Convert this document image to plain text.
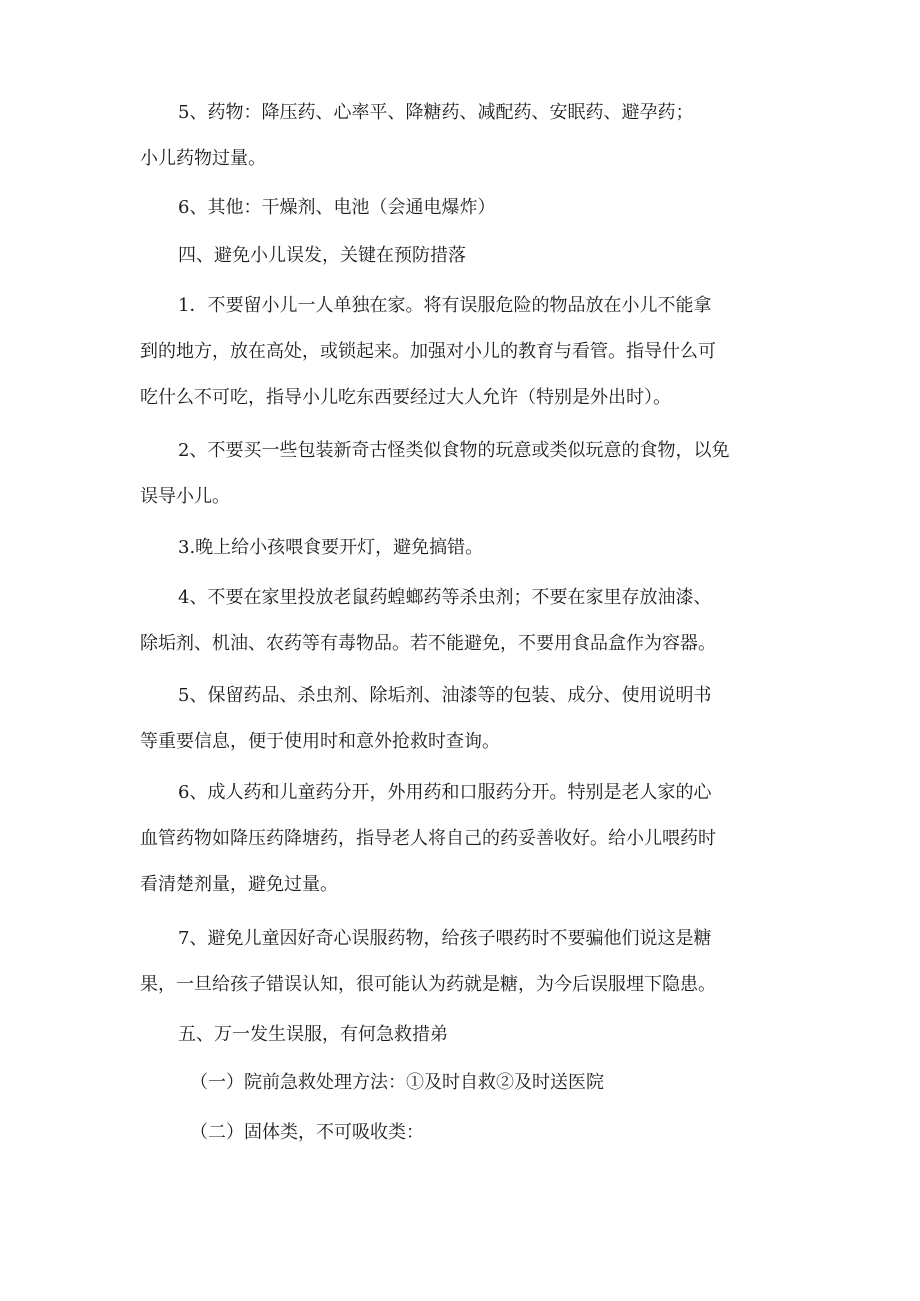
5、药物：降压药、心率平、降糖药、减配药、安眠药、避孕药；
小儿药物过量。
6、其他：干燥剂、电池（会通电爆炸）
四、避免小儿误发，关键在预防措落
1．不要留小儿一人单独在家。将有误服危险的物品放在小儿不能拿
到的地方，放在高处，或锁起来。加强对小儿的教育与看管。指导什么可
吃什么不可吃，指导小儿吃东西要经过大人允许（特别是外出时）。
2、不要买一些包装新奇古怪类似食物的玩意或类似玩意的食物，以免
误导小儿。
3.晚上给小孩喂食要开灯，避免搞错。
4、不要在家里投放老鼠药蝗螂药等杀虫剂；不要在家里存放油漆、
除垢剂、机油、农药等有毒物品。若不能避免，不要用食品盒作为容器。
5、保留药品、杀虫剂、除垢剂、油漆等的包装、成分、使用说明书
等重要信息，便于使用时和意外抢救时查询。
6、成人药和儿童药分开，外用药和口服药分开。特别是老人家的心
血管药物如降压药降塘药，指导老人将自己的药妥善收好。给小儿喂药时
看清楚剂量，避免过量。
7、避免儿童因好奇心误服药物，给孩子喂药时不要骗他们说这是糖
果，一旦给孩子错误认知，很可能认为药就是糖，为今后误服埋下隐患。
五、万一发生误服，有何急救措弟
（一）院前急救处理方法：①及时自救②及时送医院
（二）固体类，不可吸收类：
